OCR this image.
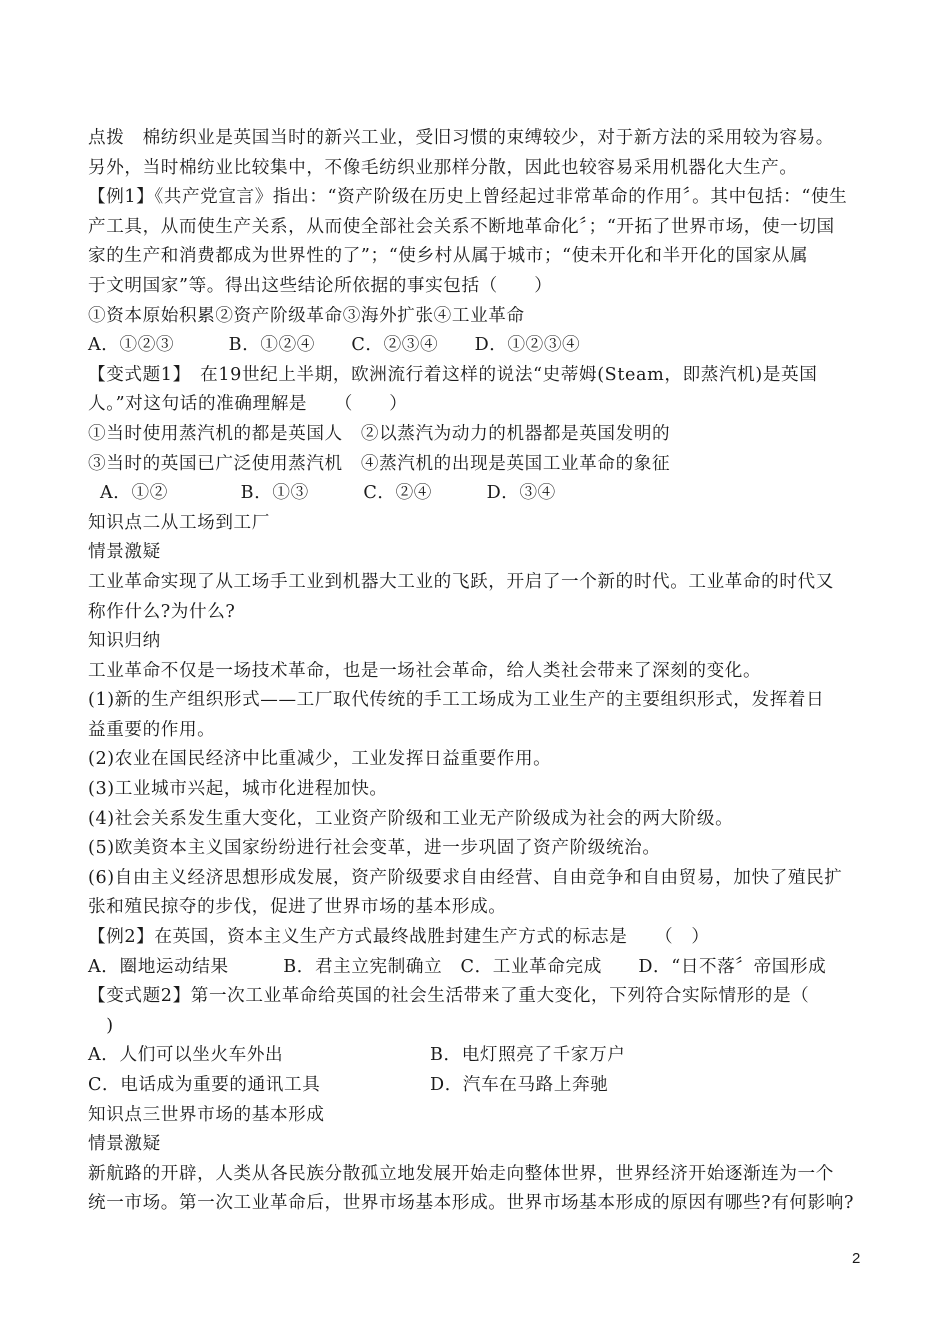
点拨　棉纺织业是英国当时的新兴工业，受旧习惯的束缚较少，对于新方法的采用较为容易。
另外，当时棉纺业比较集中，不像毛纺织业那样分散，因此也较容易采用机器化大生产。
【例1】《共产党宣言》指出：“资产阶级在历史上曾经起过非常革命的作用〞。其中包括：“使生
产工具，从而使生产关系，从而使全部社会关系不断地革命化〞；“开拓了世界市场，使一切国
家的生产和消费都成为世界性的了”；“使乡村从属于城市；“使未开化和半开化的国家从属
于文明国家”等。得出这些结论所依据的事实包括（　　）
①资本原始积累②资产阶级革命③海外扩张④工业革命
A．①②③　　　B．①②④　　C．②③④　　D．①②③④
【变式题1】　在19世纪上半期，欧洲流行着这样的说法“史蒂姆(Steam，即蒸汽机)是英国
人。”对这句话的准确理解是　　（　　）
①当时使用蒸汽机的都是英国人　②以蒸汽为动力的机器都是英国发明的
③当时的英国已广泛使用蒸汽机　④蒸汽机的出现是英国工业革命的象征
A．①②　　　　B．①③　　　C．②④　　　D．③④
知识点二从工场到工厂
情景激疑
工业革命实现了从工场手工业到机器大工业的飞跃，开启了一个新的时代。工业革命的时代又
称作什么?为什么?
知识归纳
工业革命不仅是一场技术革命，也是一场社会革命，给人类社会带来了深刻的变化。
(1)新的生产组织形式——工厂取代传统的手工工场成为工业生产的主要组织形式，发挥着日
益重要的作用。
(2)农业在国民经济中比重减少，工业发挥日益重要作用。
(3)工业城市兴起，城市化进程加快。
(4)社会关系发生重大变化，工业资产阶级和工业无产阶级成为社会的两大阶级。
(5)欧美资本主义国家纷纷进行社会变革，进一步巩固了资产阶级统治。
(6)自由主义经济思想形成发展，资产阶级要求自由经营、自由竞争和自由贸易，加快了殖民扩
张和殖民掠夺的步伐，促进了世界市场的基本形成。
【例2】在英国，资本主义生产方式最终战胜封建生产方式的标志是　　（　）
A．圈地运动结果　　　B．君主立宪制确立　C．工业革命完成　　D．“日不落〞帝国形成
【变式题2】第一次工业革命给英国的社会生活带来了重大变化，下列符合实际情形的是（
　)
A．人们可以坐火车外出	B．电灯照亮了千家万户
C．电话成为重要的通讯工具	D．汽车在马路上奔驰
知识点三世界市场的基本形成
情景激疑
新航路的开辟，人类从各民族分散孤立地发展开始走向整体世界，世界经济开始逐渐连为一个
统一市场。第一次工业革命后，世界市场基本形成。世界市场基本形成的原因有哪些?有何影响?
2
